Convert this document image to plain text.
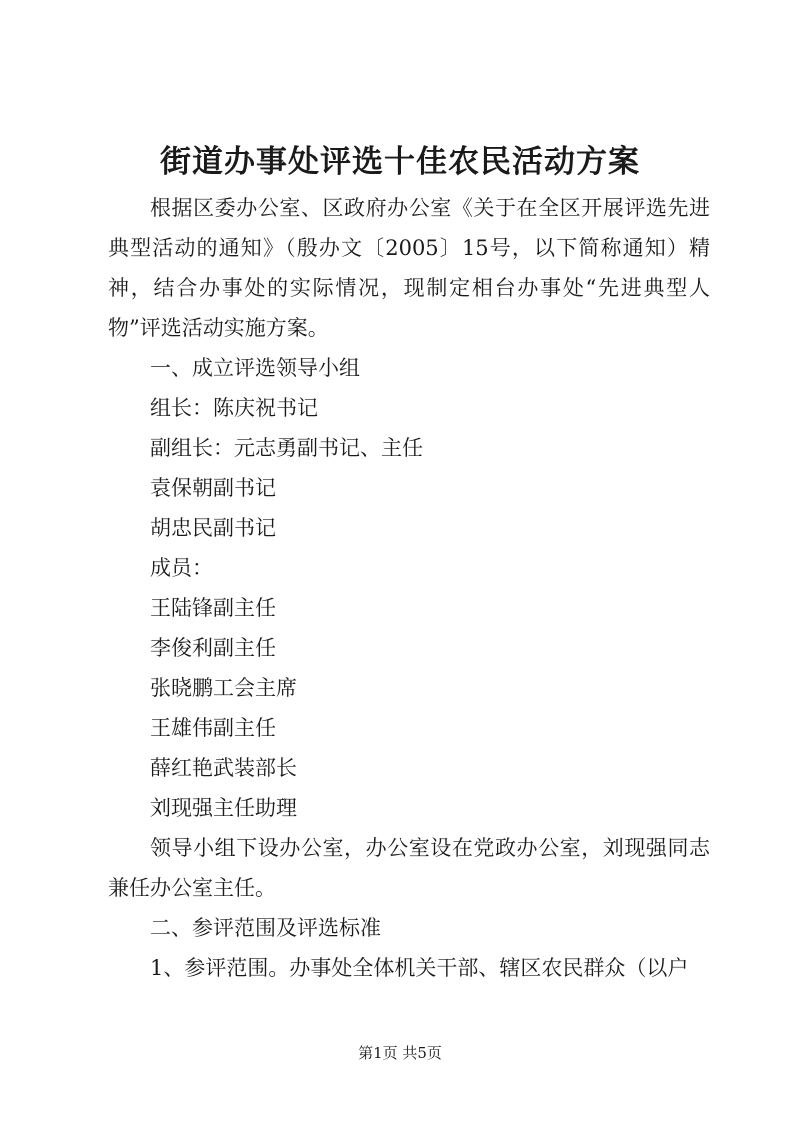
街道办事处评选十佳农民活动方案

根据区委办公室、区政府办公室《关于在全区开展评选先进典型活动的通知》（殷办文〔2005〕15号，以下简称通知）精神，结合办事处的实际情况，现制定相台办事处“先进典型人物”评选活动实施方案。

一、成立评选领导小组

组长：陈庆祝书记

副组长：元志勇副书记、主任

袁保朝副书记

胡忠民副书记

成员：

王陆锋副主任

李俊利副主任

张晓鹏工会主席

王雄伟副主任

薛红艳武装部长

刘现强主任助理

领导小组下设办公室，办公室设在党政办公室，刘现强同志兼任办公室主任。

二、参评范围及评选标准

1、参评范围。办事处全体机关干部、辖区农民群众（以户

第1页 共5页
